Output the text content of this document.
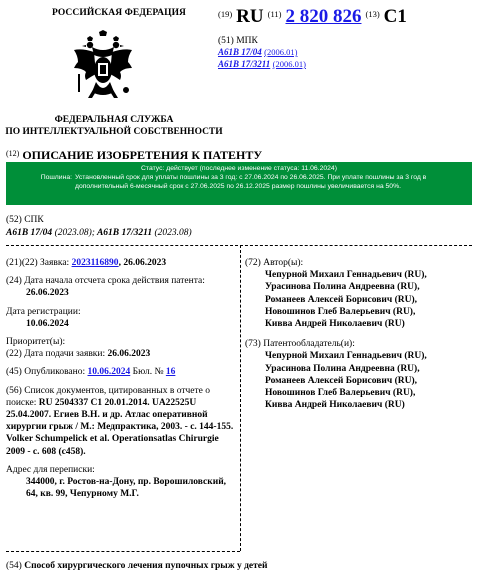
РОССИЙСКАЯ ФЕДЕРАЦИЯ
ФЕДЕРАЛЬНАЯ СЛУЖБА
ПО ИНТЕЛЛЕКТУАЛЬНОЙ СОБСТВЕННОСТИ
$^{(19)}$ RU $^{(11)}$ 2 820 826 $^{(13)}$ C1
(51) МПК
A61B 17/04 (2006.01)
A61B 17/3211 (2006.01)
$^{(12)}$ ОПИСАНИЕ ИЗОБРЕТЕНИЯ К ПАТЕНТУ
Статус: действует (последнее изменение статуса: 11.06.2024)
Пошлина: Установленный срок для уплаты пошлины за 3 год: с 27.06.2024 по 26.06.2025. При уплате пошлины за 3 год в дополнительный 6-месячный срок с 27.06.2025 по 26.12.2025 размер пошлины увеличивается на 50%.
(52) СПК
A61B 17/04 (2023.08); A61B 17/3211 (2023.08)
(21)(22) Заявка: 2023116890, 26.06.2023
(24) Дата начала отсчета срока действия патента:
26.06.2023
Дата регистрации:
10.06.2024
Приоритет(ы):
(22) Дата подачи заявки: 26.06.2023
(45) Опубликовано: 10.06.2024 Бюл. № 16
(56) Список документов, цитированных в отчете о поиске: RU 2504337 C1 20.01.2014. UA22525U 25.04.2007. Егиев В.Н. и др. Атлас оперативной хирургии грыж / М.: Медпрактика, 2003. - с. 144-155. Volker Schumpelick et al. Operationsatlas Chirurgie 2009 - с. 608 (c458).
Адрес для переписки:
344000, г. Ростов-на-Дону, пр. Ворошиловский, 64, кв. 99, Чепурному М.Г.
(72) Автор(ы):
Чепурной Михаил Геннадьевич (RU),
Урасинова Полина Андреевна (RU),
Романеев Алексей Борисович (RU),
Новошинов Глеб Валерьевич (RU),
Кивва Андрей Николаевич (RU)
(73) Патентообладатель(и):
Чепурной Михаил Геннадьевич (RU),
Урасинова Полина Андреевна (RU),
Романеев Алексей Борисович (RU),
Новошинов Глеб Валерьевич (RU),
Кивва Андрей Николаевич (RU)
(54) Способ хирургического лечения пупочных грыж у детей
